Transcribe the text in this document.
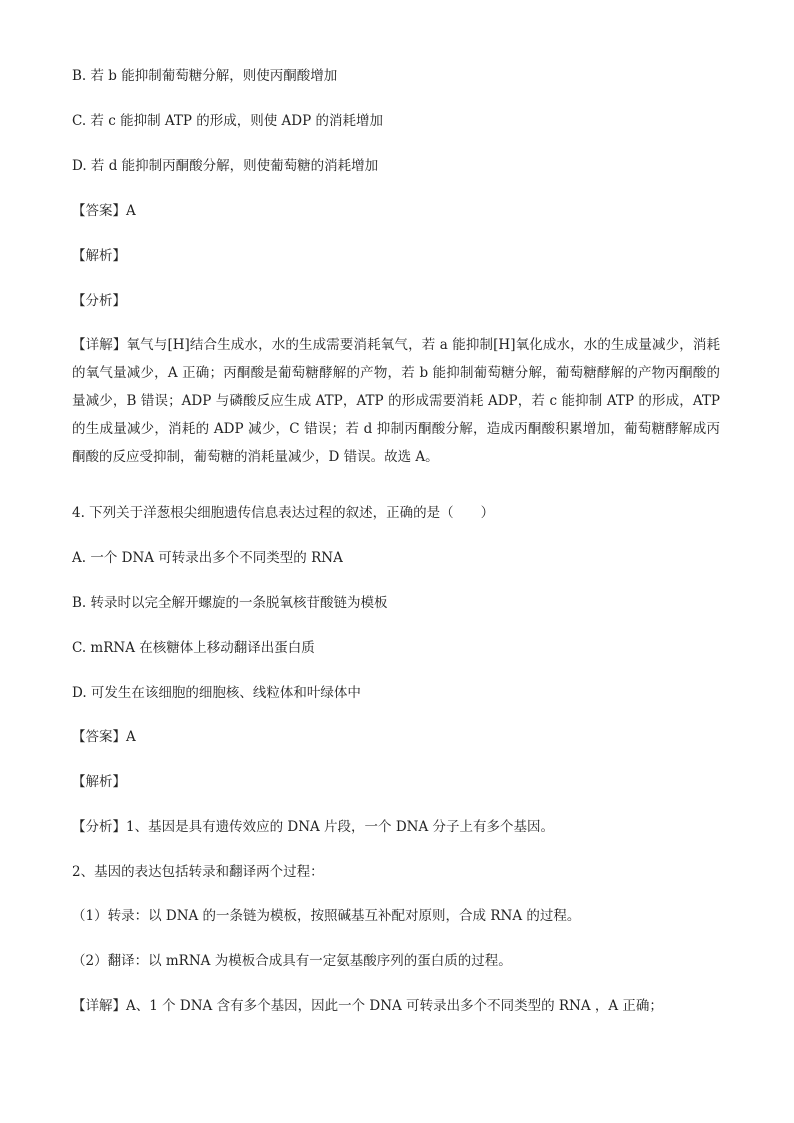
B. 若 b 能抑制葡萄糖分解，则使丙酮酸增加
C. 若 c 能抑制 ATP 的形成，则使 ADP 的消耗增加
D. 若 d 能抑制丙酮酸分解，则使葡萄糖的消耗增加
【答案】A
【解析】
【分析】
【详解】氧气与[H]结合生成水，水的生成需要消耗氧气，若 a 能抑制[H]氧化成水，水的生成量减少，消耗的氧气量减少，A 正确；丙酮酸是葡萄糖酵解的产物，若 b 能抑制葡萄糖分解，葡萄糖酵解的产物丙酮酸的量减少，B 错误；ADP 与磷酸反应生成 ATP，ATP 的形成需要消耗 ADP，若 c 能抑制 ATP 的形成，ATP 的生成量减少，消耗的 ADP 减少，C 错误；若 d 抑制丙酮酸分解，造成丙酮酸积累增加，葡萄糖酵解成丙酮酸的反应受抑制，葡萄糖的消耗量减少，D 错误。故选 A。
4. 下列关于洋葱根尖细胞遗传信息表达过程的叙述，正确的是（　　）
A. 一个 DNA 可转录出多个不同类型的 RNA
B. 转录时以完全解开螺旋的一条脱氧核苷酸链为模板
C. mRNA 在核糖体上移动翻译出蛋白质
D. 可发生在该细胞的细胞核、线粒体和叶绿体中
【答案】A
【解析】
【分析】1、基因是具有遗传效应的 DNA 片段，一个 DNA 分子上有多个基因。
2、基因的表达包括转录和翻译两个过程：
（1）转录：以 DNA 的一条链为模板，按照碱基互补配对原则，合成 RNA 的过程。
（2）翻译：以 mRNA 为模板合成具有一定氨基酸序列的蛋白质的过程。
【详解】A、1 个 DNA 含有多个基因，因此一个 DNA 可转录出多个不同类型的 RNA ，A 正确；
